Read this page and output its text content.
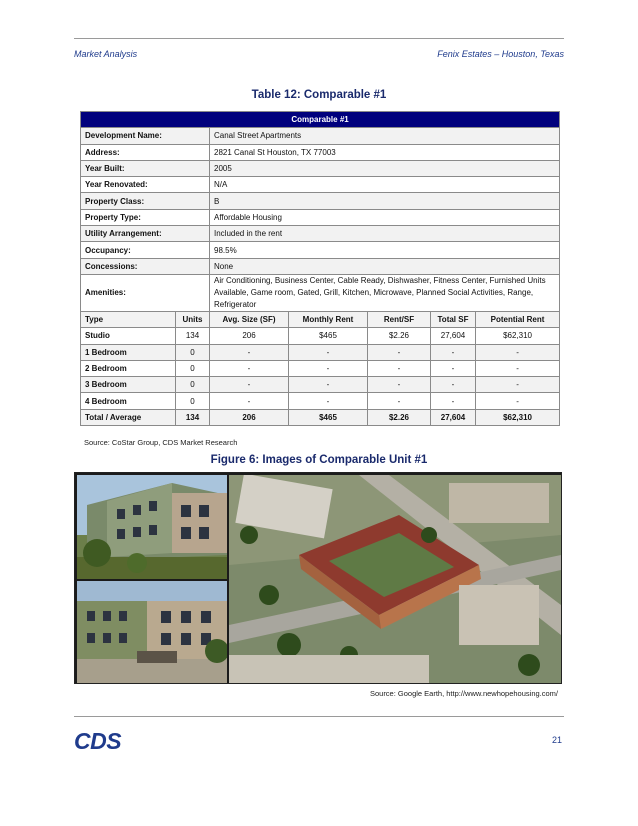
Market Analysis	Fenix Estates – Houston, Texas
Table 12: Comparable #1
Comparable #1						
Development Name:		Canal Street Apartments				
Address:		2821 Canal St Houston, TX 77003				
Year Built:		2005				
Year Renovated:		N/A				
Property Class:		B				
Property Type:		Affordable Housing				
Utility Arrangement:		Included in the rent				
Occupancy:		98.5%				
Concessions:		None				
Amenities:		Air Conditioning, Business Center, Cable Ready, Dishwasher, Fitness Center, Furnished Units Available, Game room, Gated, Grill, Kitchen, Microwave, Planned Social Activities, Range, Refrigerator				
Type	Units	Avg. Size (SF)	Monthly Rent	Rent/SF	Total SF	Potential Rent
Studio	134	206	$465	$2.26	27,604	$62,310
1 Bedroom	0	-	-	-	-	-
2 Bedroom	0	-	-	-	-	-
3 Bedroom	0	-	-	-	-	-
4 Bedroom	0	-	-	-	-	-
Total / Average	134	206	$465	$2.26	27,604	$62,310
Source: CoStar Group, CDS Market Research
Figure 6: Images of Comparable Unit #1
Source: Google Earth, http://www.newhopehousing.com/
CDS	21
